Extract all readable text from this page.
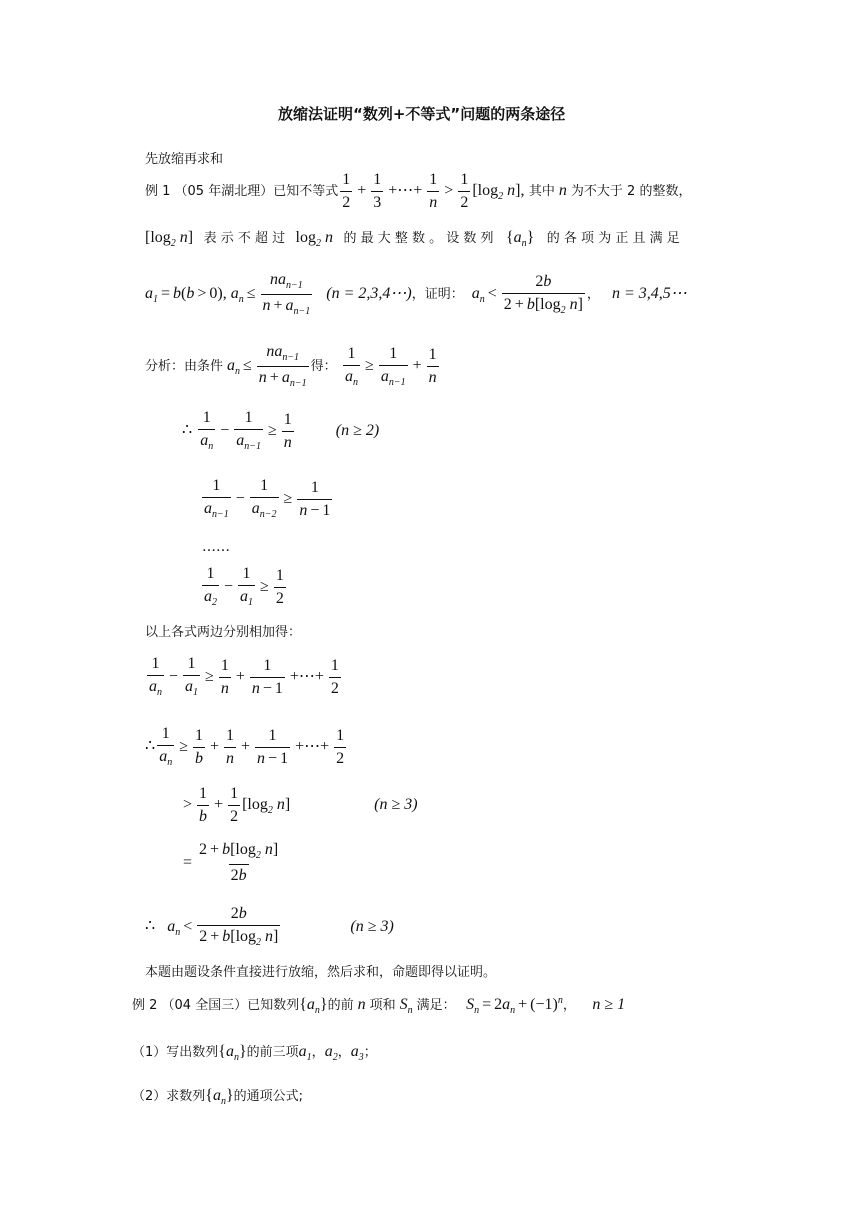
放缩法证明“数列+不等式”问题的两条途径
先放缩再求和
例 1 （05 年湖北理）已知不等式 $\frac{1}{2} + \frac{1}{3}$ +⋯+ $\frac{1}{n} > \frac{1}{2} [\log_2$ n], 其中 n 为不大于 2 的整数，
[$\log_2$ n] 表 示 不 超 过 $\log_2 n$ 的 最 大 整 数 。 设 数 列 $\{a_n\}$ 的 各 项 为 正 且 满 足
$a_1 = b(b > 0)$, $a_n$ ≤
$na_{n-1}$
$n + a_{n-1}$
(n = 2,3,4⋯)，证明： $a_n < \frac{2b}{2 + b[\log_2 n]}$ ， n = 3,4,5⋯
分析：由条件 $a_n$ ≤
$na_{n-1}$
$n + a_{n-1}$
得： $\frac{1}{a_n} \ge \frac{1}{a_{n-1}} + \frac{1}{n}$
∴ $\frac{1}{a_n} - \frac{1}{a_{n-1}} \ge \frac{1}{n}$	(n ≥ 2)
$\frac{1}{a_{n-1}} - \frac{1}{a_{n-2}} \ge \frac{1}{n - 1}$
……
$\frac{1}{a_2} - \frac{1}{a_1} \ge \frac{1}{2}$
以上各式两边分别相加得：
$\frac{1}{a_n} - \frac{1}{a_1} \ge \frac{1}{n} + \frac{1}{n - 1}$ +⋯+ $\frac{1}{2}$
∴ $\frac{1}{a_n} \ge \frac{1}{b} + \frac{1}{n} + \frac{1}{n - 1}$ +⋯+ $\frac{1}{2}$
> $\frac{1}{b} + \frac{1}{2} [\log_2$ n]	(n ≥ 3)
= $\frac{2 + b[\log_2 n]}{2b}$
∴ $a_n < \frac{2b}{2 + b[\log_2 n]}$	(n ≥ 3)
本题由题设条件直接进行放缩，然后求和，命题即得以证明。
例 2 （04 全国三）已知数列$\{a_n\}$的前 n 项和 $S_n$ 满足： $S_n = 2a_n + (-1)^n$， n ≥ 1
（1）写出数列$\{a_n\}$的前三项$a_1$，$a_2$，$a_3$；
（2）求数列$\{a_n\}$的通项公式;
